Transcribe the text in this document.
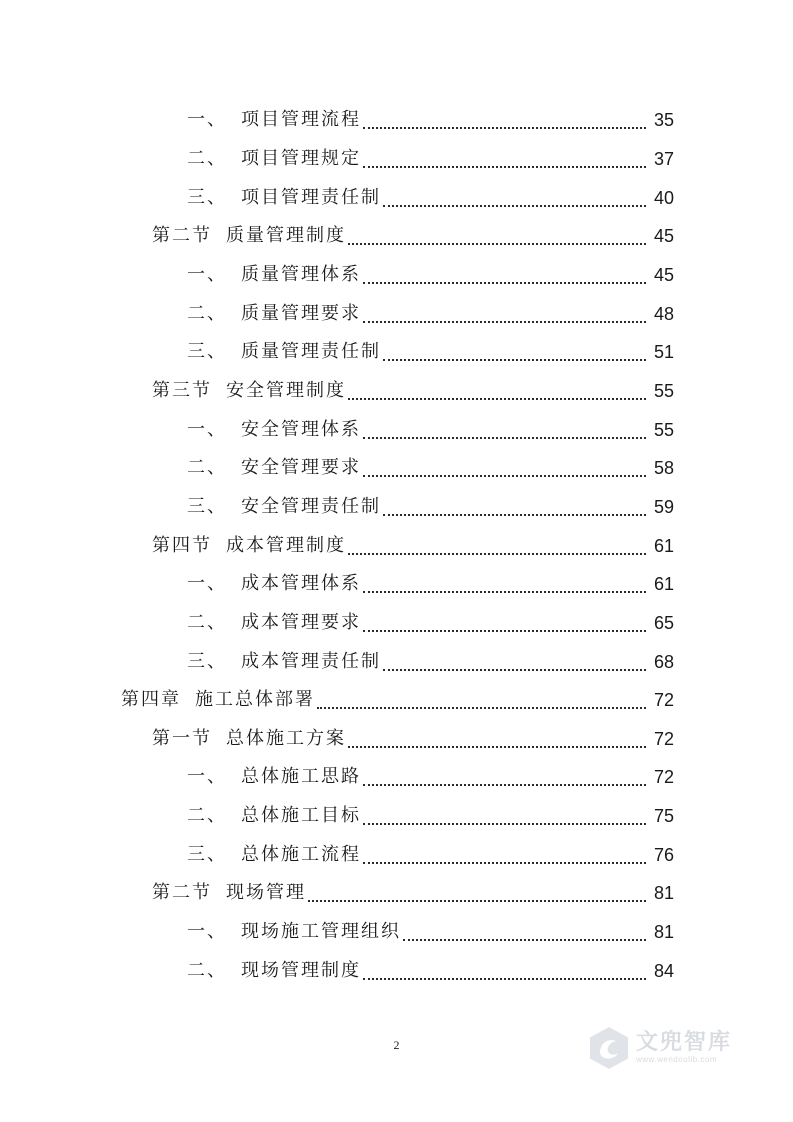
一、 项目管理流程	35
二、 项目管理规定	37
三、 项目管理责任制	40
第二节 质量管理制度	45
一、 质量管理体系	45
二、 质量管理要求	48
三、 质量管理责任制	51
第三节 安全管理制度	55
一、 安全管理体系	55
二、 安全管理要求	58
三、 安全管理责任制	59
第四节 成本管理制度	61
一、 成本管理体系	61
二、 成本管理要求	65
三、 成本管理责任制	68
第四章 施工总体部署	72
第一节 总体施工方案	72
一、 总体施工思路	72
二、 总体施工目标	75
三、 总体施工流程	76
第二节 现场管理	81
一、 现场施工管理组织	81
二、 现场管理制度	84
2	文兜智库
www.wendoulib.com
